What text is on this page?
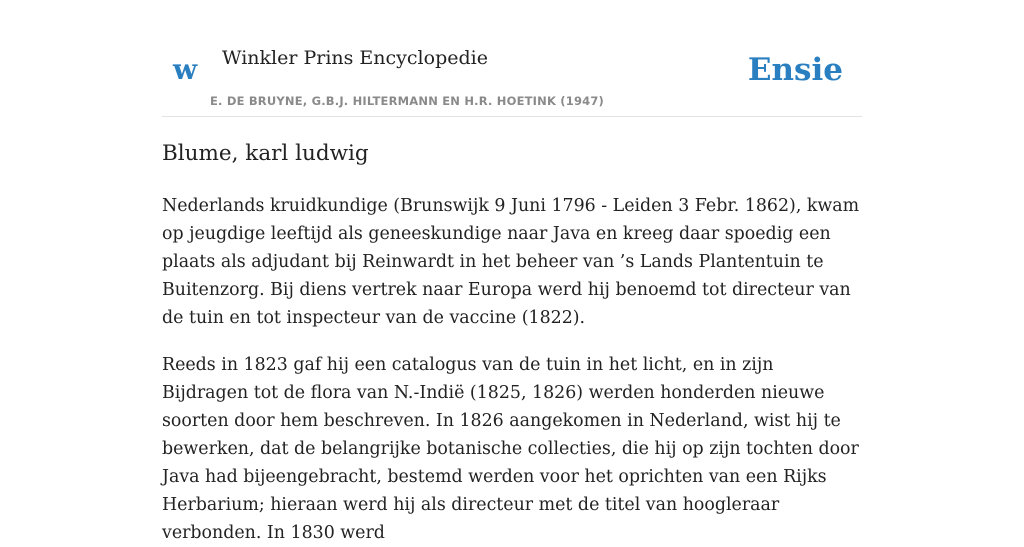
w Winkler Prins Encyclopedie
E. DE BRUYNE, G.B.J. HILTERMANN EN H.R. HOETINK (1947)
Ensie
Blume, karl ludwig

Nederlands kruidkundige (Brunswijk 9 Juni 1796 - Leiden 3 Febr. 1862), kwam op jeugdige leeftijd als geneeskundige naar Java en kreeg daar spoedig een plaats als adjudant bij Reinwardt in het beheer van ’s Lands Plantentuin te Buitenzorg. Bij diens vertrek naar Europa werd hij benoemd tot directeur van de tuin en tot inspecteur van de vaccine (1822).

Reeds in 1823 gaf hij een catalogus van de tuin in het licht, en in zijn Bijdragen tot de flora van N.-Indië (1825, 1826) werden honderden nieuwe soorten door hem beschreven. In 1826 aangekomen in Nederland, wist hij te bewerken, dat de belangrijke botanische collecties, die hij op zijn tochten door Java had bijeengebracht, bestemd werden voor het oprichten van een Rijks Herbarium; hieraan werd hij als directeur met de titel van hoogleraar verbonden. In 1830 werd
